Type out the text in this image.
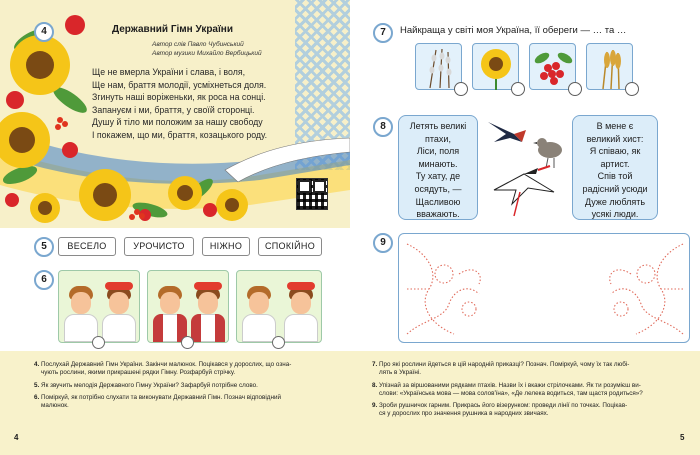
4	Державний Гімн України
Автор слів Павло Чубинський
Автор музики Михайло Вербицький
Ще не вмерла України і слава, і воля,
Ще нам, браття молодії, усміхнеться доля.
Згинуть наші воріженьки, як роса на сонці.
Запануєм і ми, браття, у своїй сторонці.
Душу й тіло ми положим за нашу свободу
І покажем, що ми, браття, козацького роду.
5	ВЕСЕЛО	УРОЧИСТО	НІЖНО	СПОКІЙНО
6
7	Найкраща у світі моя Україна, її обереги — … та …
8	Летять великі
птахи,
Ліси, поля
минають.
Ту хату, де
осядуть, —
Щасливою
вважають.
В мене є
великий хист:
Я співаю, як
артист.
Спів той
радісний усюди
Дуже люблять
усякі люди.
9
4. Послухай Державний Гімн України. Закінчи малюнок. Поцікався у дорослих, що озна-
чують рослини, якими прикрашені рядки Гімну. Розфарбуй стрічку.
5. Як звучить мелодія Державного Гімну України? Зафарбуй потрібне слово.
6. Поміркуй, як потрібно слухати та виконувати Державний Гімн. Познач відповідний
малюнок.
7. Про які рослини йдеться в цій народній приказці? Познач. Поміркуй, чому їх так любі-
лять в Україні.
8. Упізнай за віршованими рядками птахів. Назви їх і вкажи стрілочками. Як ти розумієш ви-
слови: «Українська мова — мова солов'їна», «Де лелека водиться, там щастя родиться»?
9. Зроби рушничок гарним. Прикрась його візерунком: проведи лінії по точках. Поцікав-
ся у дорослих про значення рушника в народних звичаях.
4	5
